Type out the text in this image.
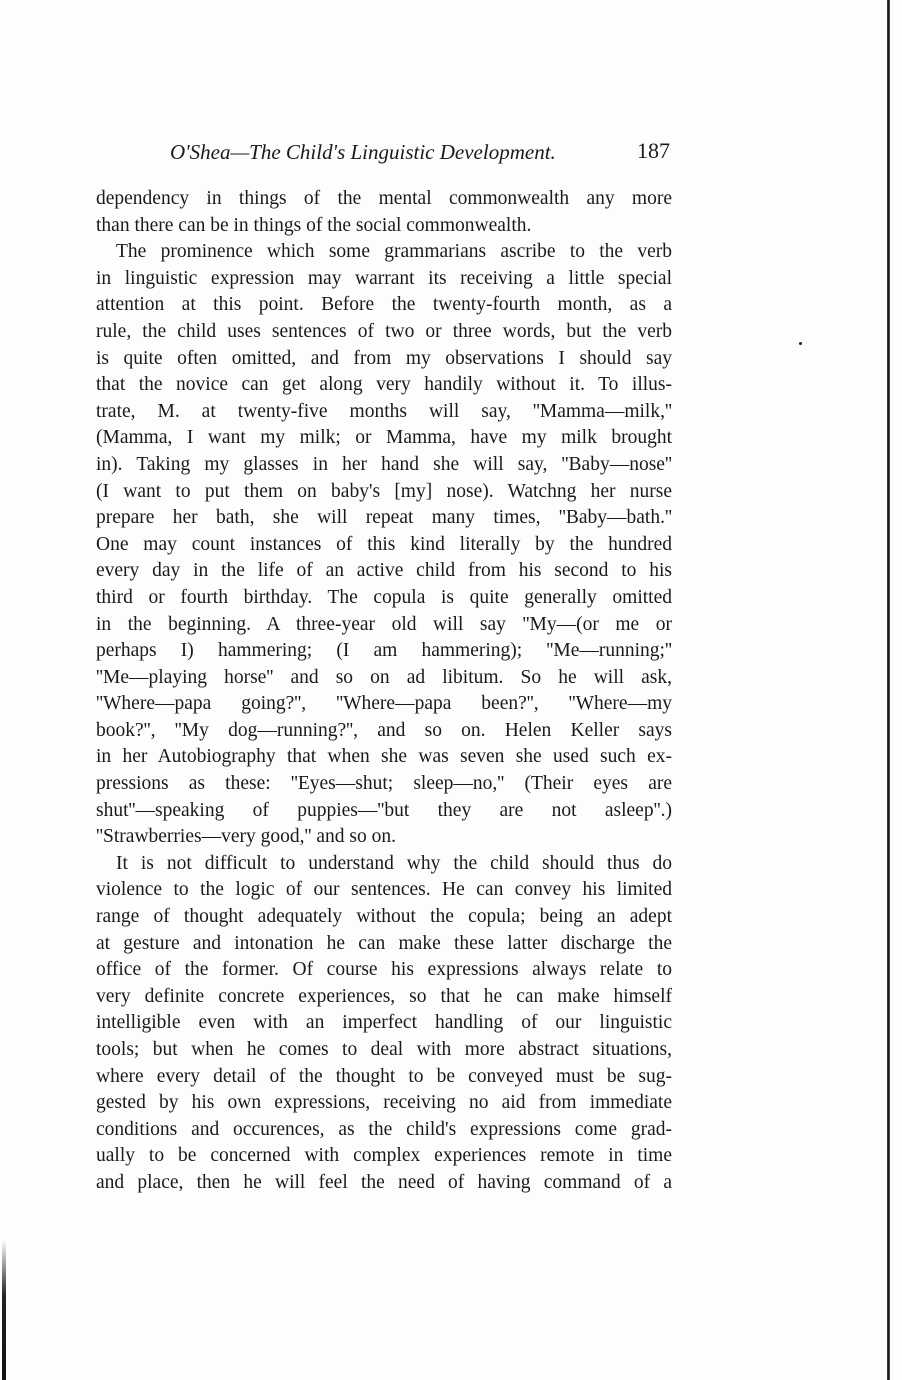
O'Shea—The Child's Linguistic Development.	187

dependency in things of the mental commonwealth any more
than there can be in things of the social commonwealth.

The prominence which some grammarians ascribe to the verb
in linguistic expression may warrant its receiving a little special
attention at this point. Before the twenty-fourth month, as a
rule, the child uses sentences of two or three words, but the verb
is quite often omitted, and from my observations I should say
that the novice can get along very handily without it. To illus-
trate, M. at twenty-five months will say, ''Mamma—milk,''
(Mamma, I want my milk; or Mamma, have my milk brought
in). Taking my glasses in her hand she will say, ''Baby—nose''
(I want to put them on baby's [my] nose). Watchng her nurse
prepare her bath, she will repeat many times, ''Baby—bath.''
One may count instances of this kind literally by the hundred
every day in the life of an active child from his second to his
third or fourth birthday. The copula is quite generally omitted
in the beginning. A three-year old will say ''My—(or me or
perhaps I) hammering; (I am hammering); ''Me—running;''
''Me—playing horse'' and so on ad libitum. So he will ask,
''Where—papa going?'', ''Where—papa been?'', ''Where—my
book?'', ''My dog—running?'', and so on. Helen Keller says
in her Autobiography that when she was seven she used such ex-
pressions as these: ''Eyes—shut; sleep—no,'' (Their eyes are
shut''—speaking of puppies—''but they are not asleep''.)
''Strawberries—very good,'' and so on.

It is not difficult to understand why the child should thus do
violence to the logic of our sentences. He can convey his limited
range of thought adequately without the copula; being an adept
at gesture and intonation he can make these latter discharge the
office of the former. Of course his expressions always relate to
very definite concrete experiences, so that he can make himself
intelligible even with an imperfect handling of our linguistic
tools; but when he comes to deal with more abstract situations,
where every detail of the thought to be conveyed must be sug-
gested by his own expressions, receiving no aid from immediate
conditions and occurences, as the child's expressions come grad-
ually to be concerned with complex experiences remote in time
and place, then he will feel the need of having command of a
